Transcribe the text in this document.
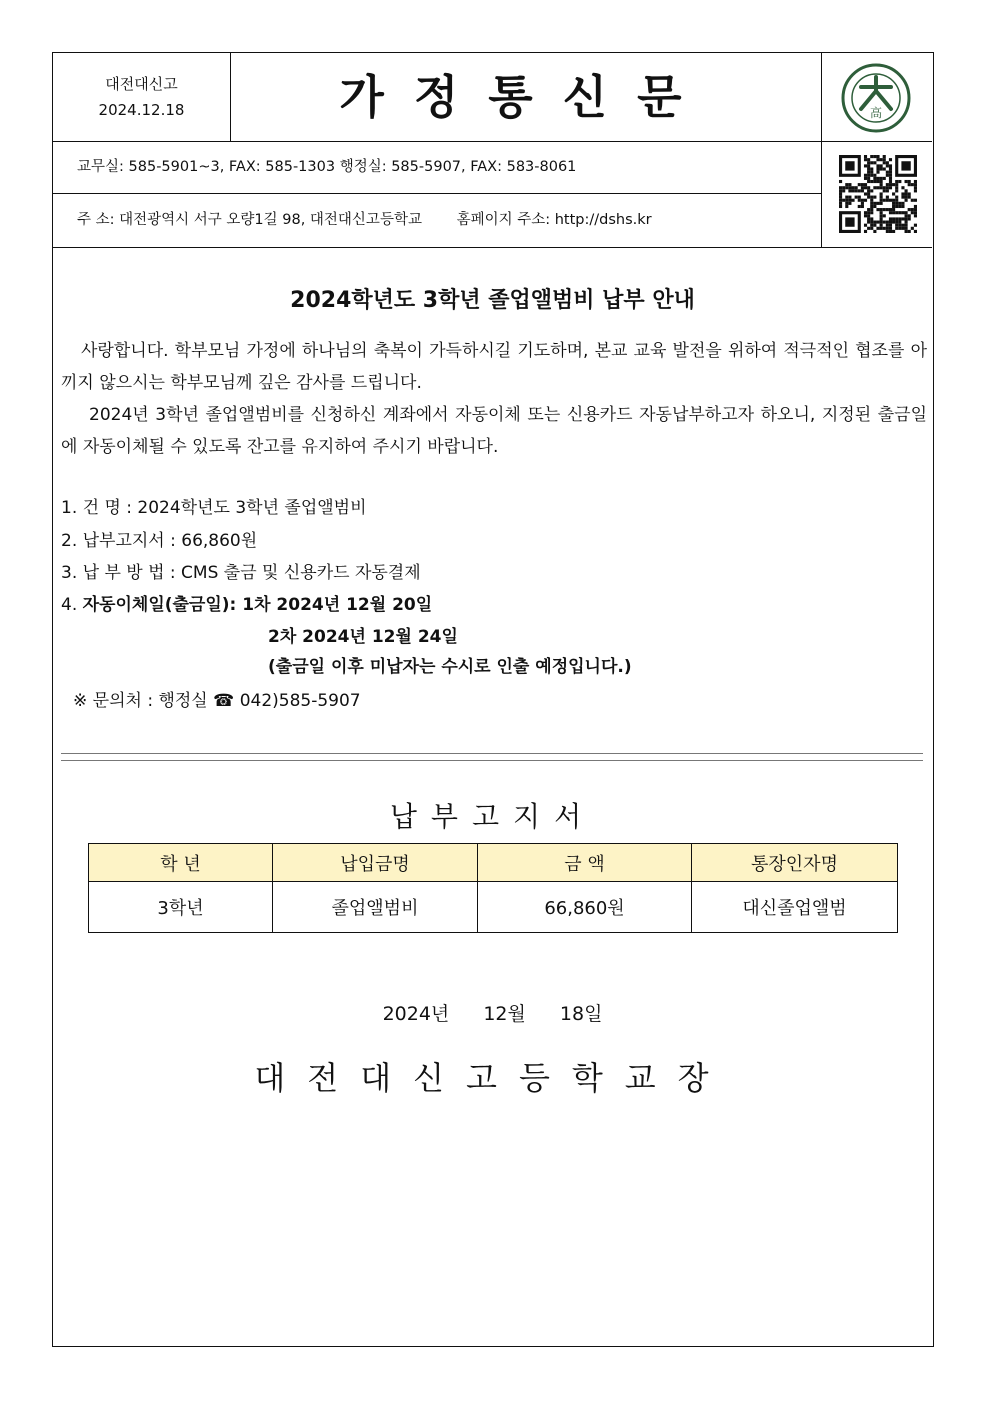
대전대신고
2024.12.18	가정통신문	高
교무실: 585-5901~3, FAX: 585-1303 행정실: 585-5907, FAX: 583-8061
주 소: 대전광역시 서구 오량1길 98, 대전대신고등학교 홈페이지 주소: http://dshs.kr
2024학년도 3학년 졸업앨범비 납부 안내
사랑합니다. 학부모님 가정에 하나님의 축복이 가득하시길 기도하며, 본교 교육 발전을 위하여 적극적인 협조를 아끼지 않으시는 학부모님께 깊은 감사를 드립니다.
2024년 3학년 졸업앨범비를 신청하신 계좌에서 자동이체 또는 신용카드 자동납부하고자 하오니, 지정된 출금일에 자동이체될 수 있도록 잔고를 유지하여 주시기 바랍니다.
1. 건 명 : 2024학년도 3학년 졸업앨범비
2. 납부고지서 : 66,860원
3. 납 부 방 법 : CMS 출금 및 신용카드 자동결제
4. 자동이체일(출금일): 1차 2024년 12월 20일
2차 2024년 12월 24일
(출금일 이후 미납자는 수시로 인출 예정입니다.)
※ 문의처 : 행정실 ☎ 042)585-5907
납부고지서
학 년	납입금명	금 액	통장인자명
3학년	졸업앨범비	66,860원	대신졸업앨범
2024년 12월 18일
대전대신고등학교장
